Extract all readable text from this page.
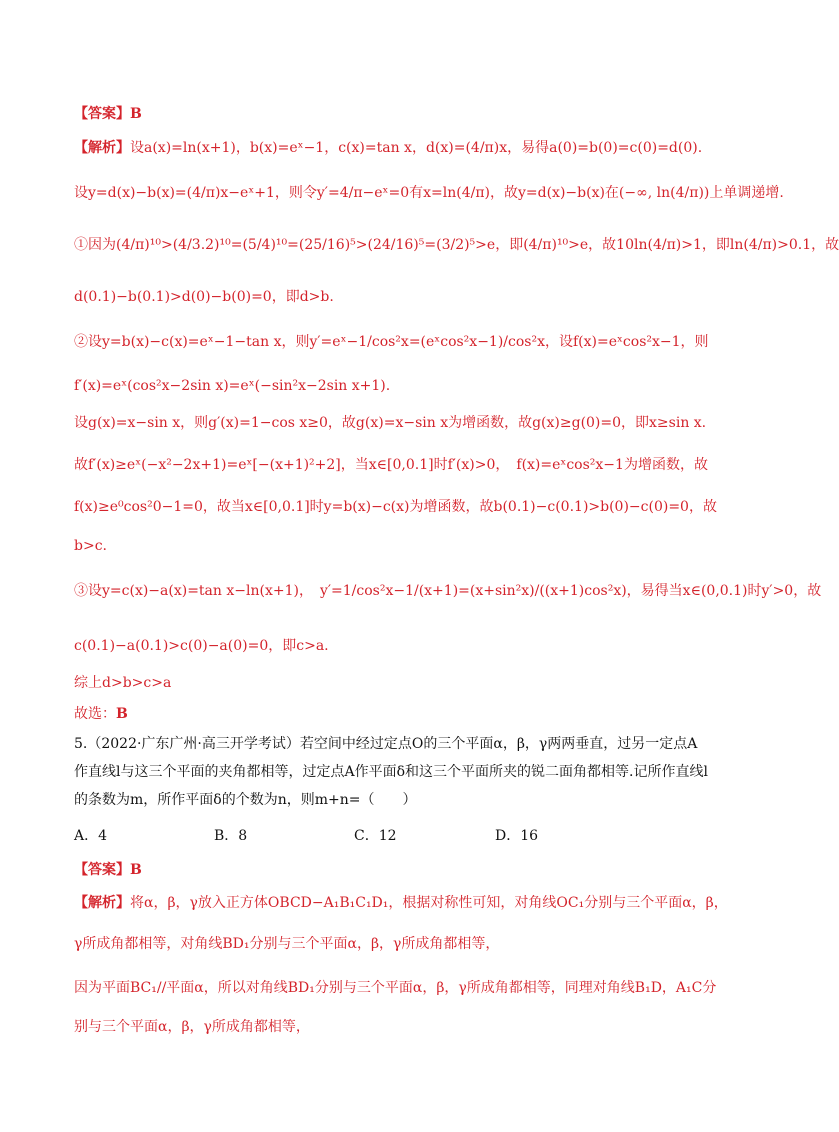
【答案】B
【解析】设a(x)=ln(x+1)，b(x)=eˣ−1，c(x)=tan x，d(x)=(4/π)x，易得a(0)=b(0)=c(0)=d(0).
设y=d(x)−b(x)=(4/π)x−eˣ+1，则令y′=4/π−eˣ=0有x=ln(4/π)，故y=d(x)−b(x)在(−∞, ln(4/π))上单调递增.
①因为(4/π)¹⁰>(4/3.2)¹⁰=(5/4)¹⁰=(25/16)⁵>(24/16)⁵=(3/2)⁵>e，即(4/π)¹⁰>e，故10ln(4/π)>1，即ln(4/π)>0.1，故
d(0.1)−b(0.1)>d(0)−b(0)=0，即d>b.
②设y=b(x)−c(x)=eˣ−1−tan x，则y′=eˣ−1/cos²x=(eˣcos²x−1)/cos²x，设f(x)=eˣcos²x−1，则
f′(x)=eˣ(cos²x−2sin x)=eˣ(−sin²x−2sin x+1).
设g(x)=x−sin x，则g′(x)=1−cos x≥0，故g(x)=x−sin x为增函数，故g(x)≥g(0)=0，即x≥sin x.
故f′(x)≥eˣ(−x²−2x+1)=eˣ[−(x+1)²+2]，当x∈[0,0.1]时f′(x)>0，　f(x)=eˣcos²x−1为增函数，故
f(x)≥e⁰cos²0−1=0，故当x∈[0,0.1]时y=b(x)−c(x)为增函数，故b(0.1)−c(0.1)>b(0)−c(0)=0，故
b>c.
③设y=c(x)−a(x)=tan x−ln(x+1)，　y′=1/cos²x−1/(x+1)=(x+sin²x)/((x+1)cos²x)，易得当x∈(0,0.1)时y′>0，故
c(0.1)−a(0.1)>c(0)−a(0)=0，即c>a.
综上d>b>c>a
故选：B
5.（2022·广东广州·高三开学考试）若空间中经过定点O的三个平面α，β，γ两两垂直，过另一定点A
作直线l与这三个平面的夹角都相等，过定点A作平面δ和这三个平面所夹的锐二面角都相等.记所作直线l
的条数为m，所作平面δ的个数为n，则m+n=（　　）
A．4	B．8	C．12	D．16
【答案】B
【解析】将α，β，γ放入正方体OBCD−A₁B₁C₁D₁，根据对称性可知，对角线OC₁分别与三个平面α，β，
γ所成角都相等，对角线BD₁分别与三个平面α，β，γ所成角都相等，
因为平面BC₁//平面α，所以对角线BD₁分别与三个平面α，β，γ所成角都相等，同理对角线B₁D，A₁C分
别与三个平面α，β，γ所成角都相等，
